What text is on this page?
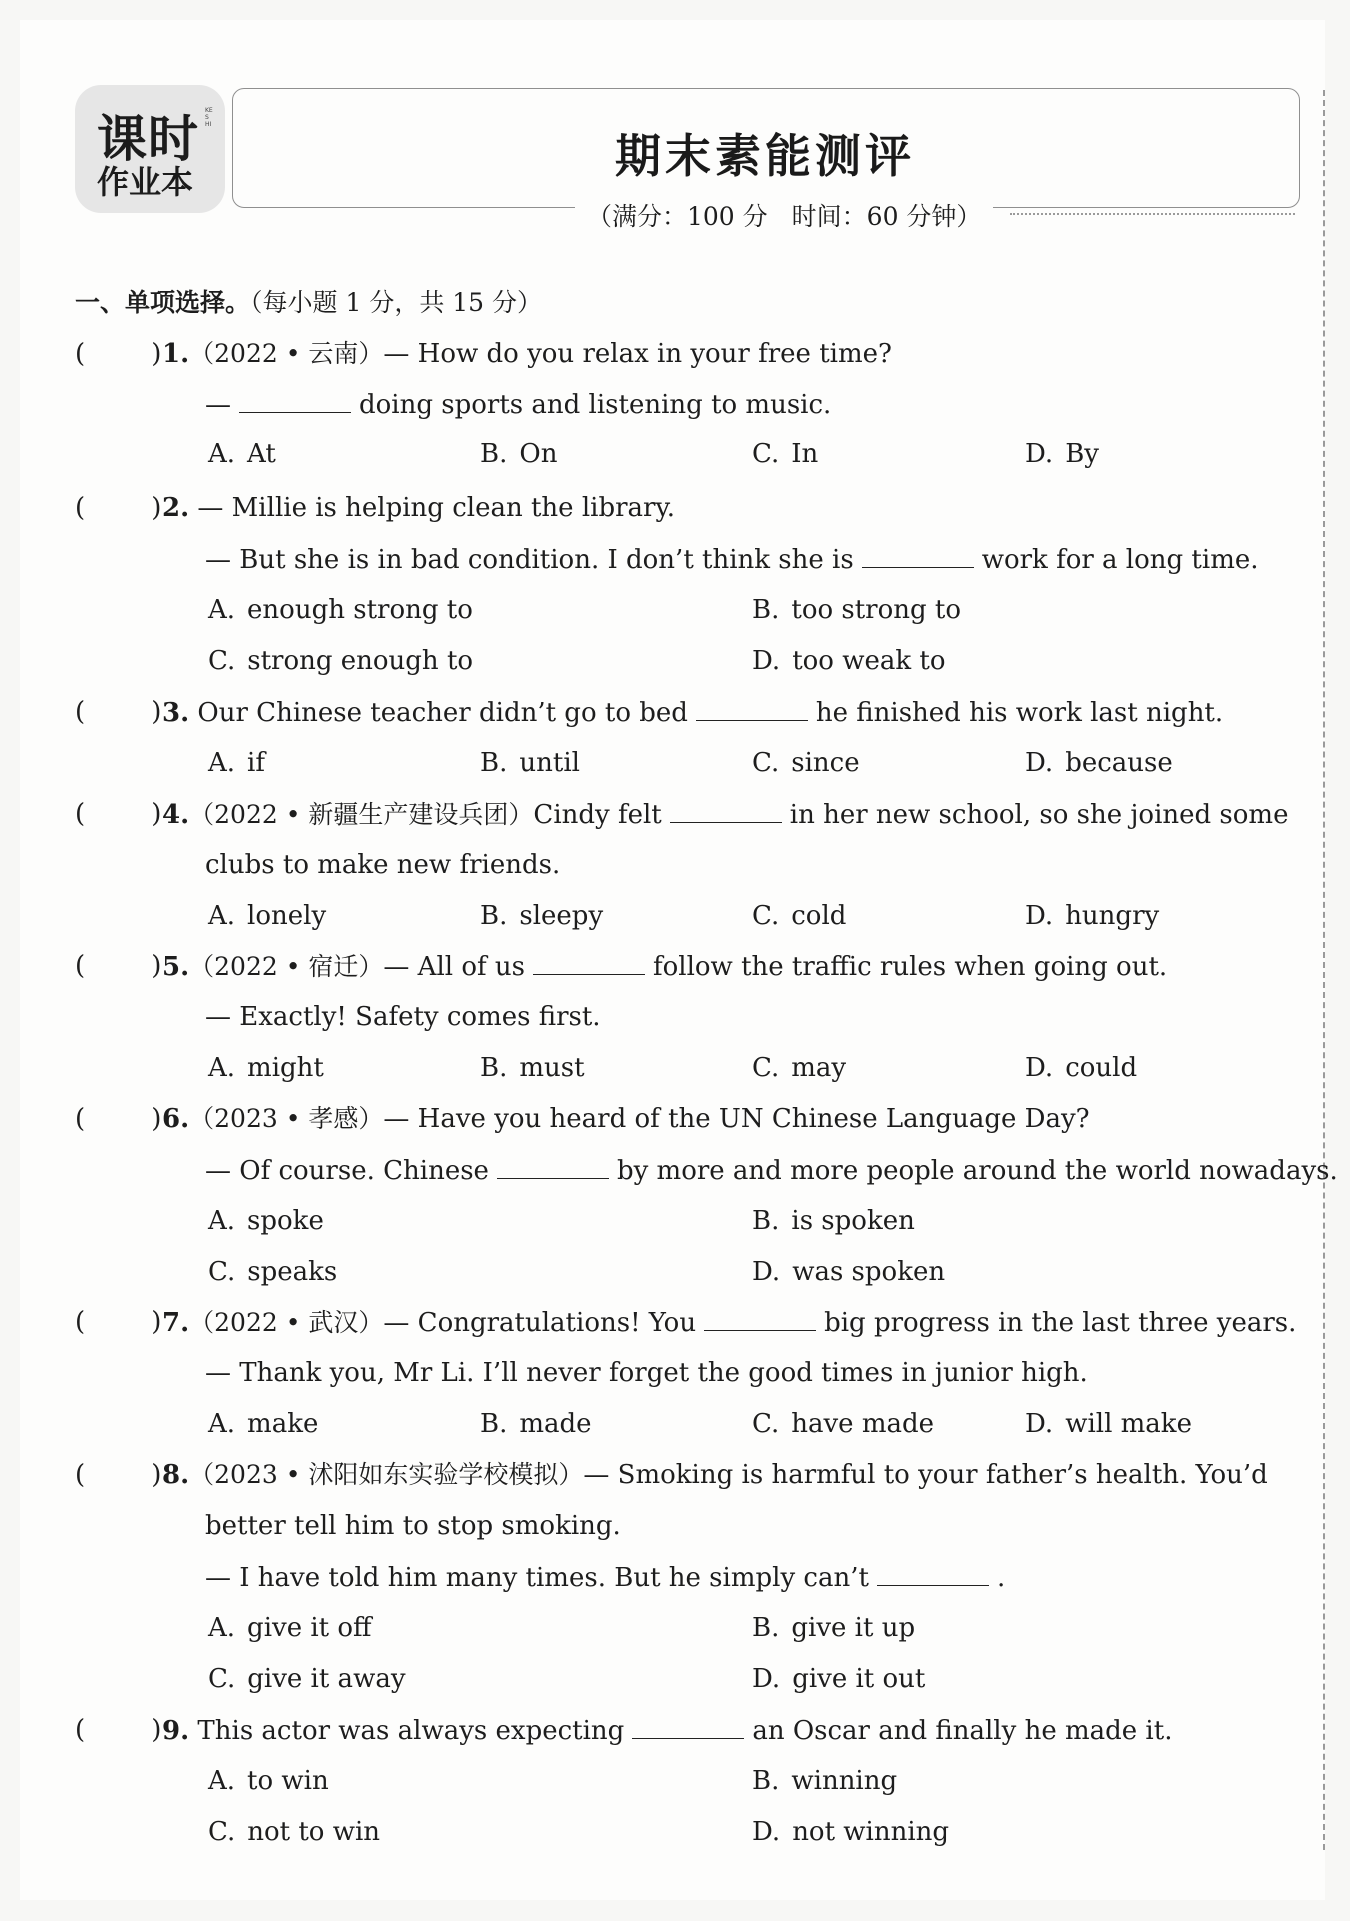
课时
作业本
KESHI
期末素能测评
（满分：100 分 时间：60 分钟）
一、单项选择。（每小题 1 分，共 15 分）
(        ) 1.（2022 • 云南）— How do you relax in your free time?
—	doing sports and listening to music.
A. At	B. On	C. In	D. By
(        ) 2. — Millie is helping clean the library.
— But she is in bad condition. I don’t think she is	work for a long time.
A. enough strong to	B. too strong to
C. strong enough to	D. too weak to
(        ) 3. Our Chinese teacher didn’t go to bed	he finished his work last night.
A. if	B. until	C. since	D. because
(        ) 4.（2022 • 新疆生产建设兵团）Cindy felt	in her new school, so she joined some
clubs to make new friends.
A. lonely	B. sleepy	C. cold	D. hungry
(        ) 5.（2022 • 宿迁）— All of us	follow the traffic rules when going out.
— Exactly! Safety comes first.
A. might	B. must	C. may	D. could
(        ) 6.（2023 • 孝感）— Have you heard of the UN Chinese Language Day?
— Of course. Chinese	by more and more people around the world nowadays.
A. spoke	B. is spoken
C. speaks	D. was spoken
(        ) 7.（2022 • 武汉）— Congratulations! You	big progress in the last three years.
— Thank you, Mr Li. I’ll never forget the good times in junior high.
A. make	B. made	C. have made	D. will make
(        ) 8.（2023 • 沭阳如东实验学校模拟）— Smoking is harmful to your father’s health. You’d
better tell him to stop smoking.
— I have told him many times. But he simply can’t	.
A. give it off	B. give it up
C. give it away	D. give it out
(        ) 9. This actor was always expecting	an Oscar and finally he made it.
A. to win	B. winning
C. not to win	D. not winning
